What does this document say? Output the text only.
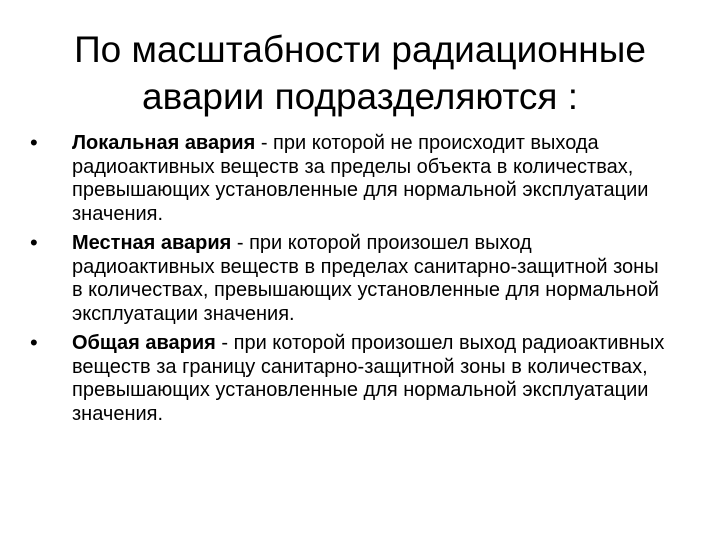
По масштабности радиационные
аварии подразделяются :
• Локальная авария - при которой не происходит выхода радиоактивных веществ за пределы объекта в количествах, превышающих установленные для нормальной эксплуатации значения.
• Местная авария - при которой произошел выход радиоактивных веществ в пределах санитарно-защитной зоны в количествах, превышающих установленные для нормальной эксплуатации значения.
• Общая авария - при которой произошел выход радиоактивных веществ за границу санитарно-защитной зоны в количествах, превышающих установленные для нормальной эксплуатации значения.
